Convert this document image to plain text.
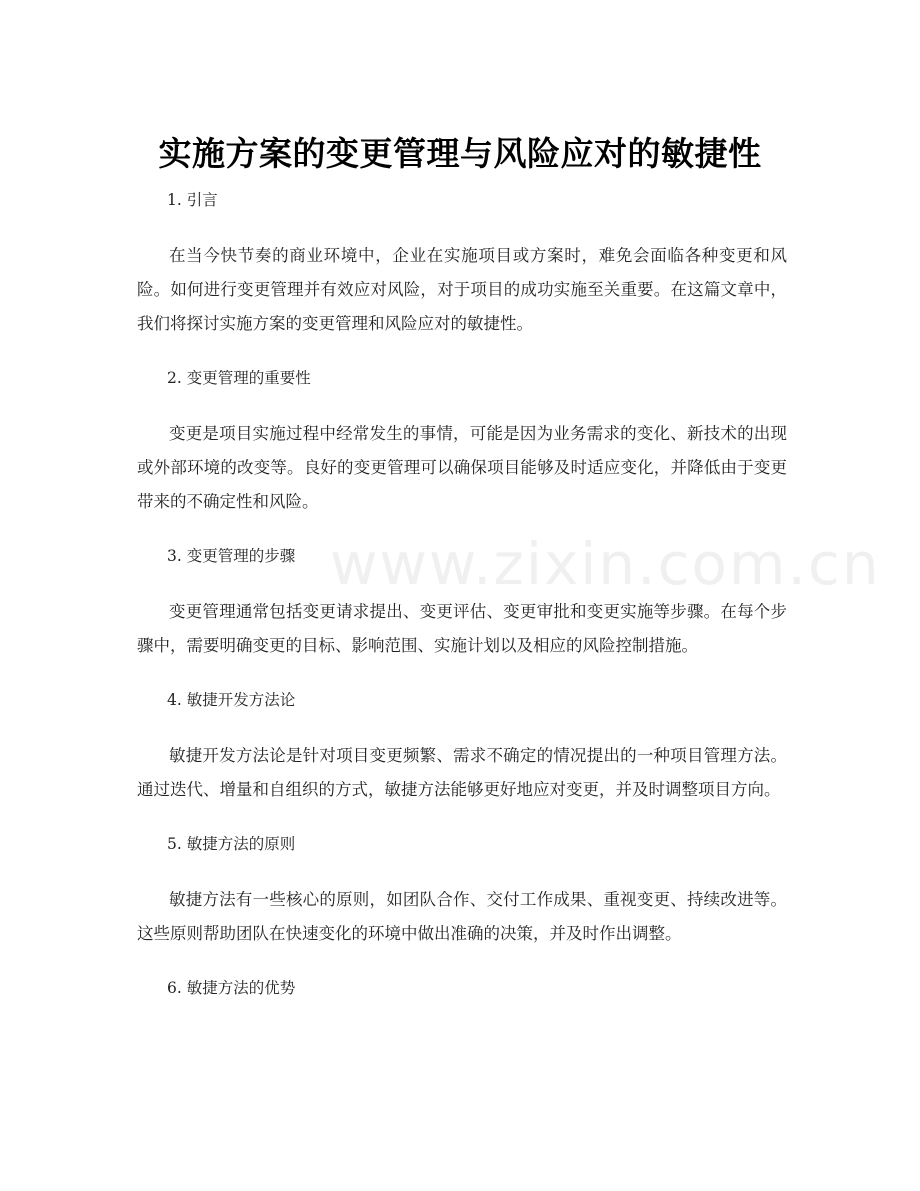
www.zixin.com.cn
实施方案的变更管理与风险应对的敏捷性
1. 引言

在当今快节奏的商业环境中，企业在实施项目或方案时，难免会面临各种变更和风险。如何进行变更管理并有效应对风险，对于项目的成功实施至关重要。在这篇文章中，我们将探讨实施方案的变更管理和风险应对的敏捷性。

2. 变更管理的重要性

变更是项目实施过程中经常发生的事情，可能是因为业务需求的变化、新技术的出现或外部环境的改变等。良好的变更管理可以确保项目能够及时适应变化，并降低由于变更带来的不确定性和风险。

3. 变更管理的步骤

变更管理通常包括变更请求提出、变更评估、变更审批和变更实施等步骤。在每个步骤中，需要明确变更的目标、影响范围、实施计划以及相应的风险控制措施。

4. 敏捷开发方法论

敏捷开发方法论是针对项目变更频繁、需求不确定的情况提出的一种项目管理方法。通过迭代、增量和自组织的方式，敏捷方法能够更好地应对变更，并及时调整项目方向。

5. 敏捷方法的原则

敏捷方法有一些核心的原则，如团队合作、交付工作成果、重视变更、持续改进等。这些原则帮助团队在快速变化的环境中做出准确的决策，并及时作出调整。

6. 敏捷方法的优势
